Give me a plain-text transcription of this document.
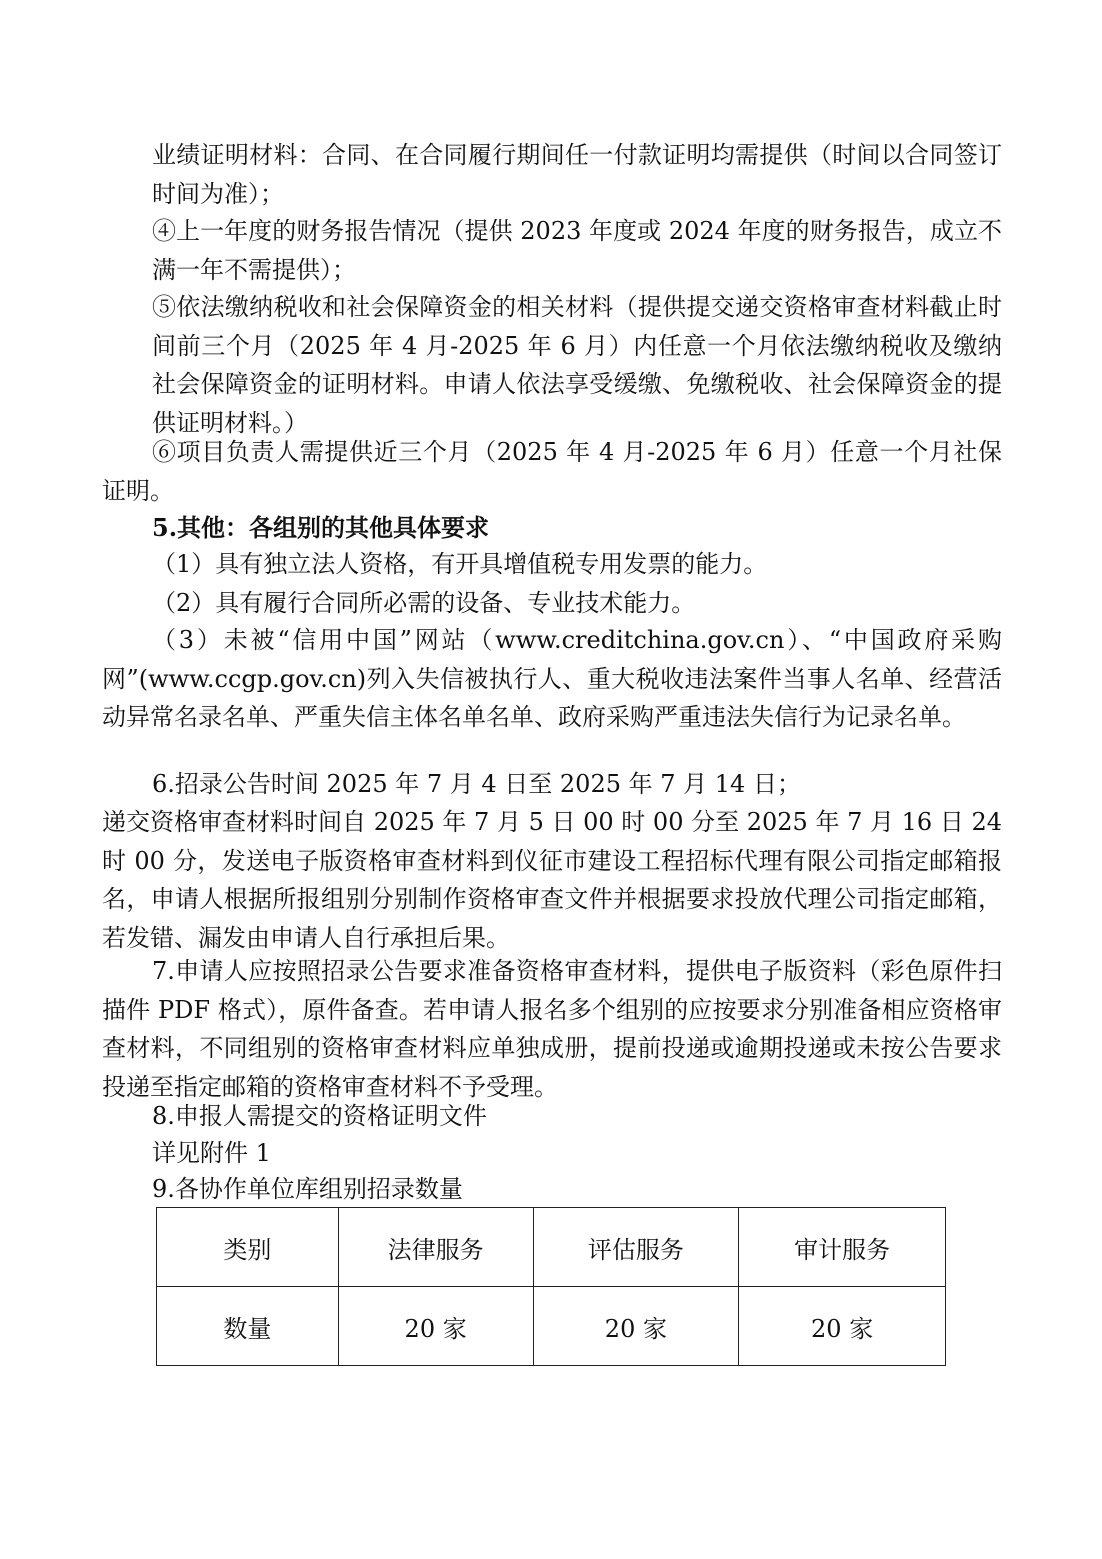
业绩证明材料：合同、在合同履行期间任一付款证明均需提供（时间以合同签订时间为准）；
④上一年度的财务报告情况（提供 2023 年度或 2024 年度的财务报告，成立不满一年不需提供）；
⑤依法缴纳税收和社会保障资金的相关材料（提供提交递交资格审查材料截止时间前三个月（2025 年 4 月-2025 年 6 月）内任意一个月依法缴纳税收及缴纳社会保障资金的证明材料。申请人依法享受缓缴、免缴税收、社会保障资金的提供证明材料。）
⑥项目负责人需提供近三个月（2025 年 4 月-2025 年 6 月）任意一个月社保证明。
5.其他：各组别的其他具体要求
（1）具有独立法人资格，有开具增值税专用发票的能力。
（2）具有履行合同所必需的设备、专业技术能力。
（3）未被“信用中国”网站（www.creditchina.gov.cn）、“中国政府采购网”(www.ccgp.gov.cn)列入失信被执行人、重大税收违法案件当事人名单、经营活动异常名录名单、严重失信主体名单名单、政府采购严重违法失信行为记录名单。
6.招录公告时间 2025 年 7 月 4 日至 2025 年 7 月 14 日；
递交资格审查材料时间自 2025 年 7 月 5 日 00 时 00 分至 2025 年 7 月 16 日 24 时 00 分，发送电子版资格审查材料到仪征市建设工程招标代理有限公司指定邮箱报名，申请人根据所报组别分别制作资格审查文件并根据要求投放代理公司指定邮箱，若发错、漏发由申请人自行承担后果。
7.申请人应按照招录公告要求准备资格审查材料，提供电子版资料（彩色原件扫描件 PDF 格式），原件备查。若申请人报名多个组别的应按要求分别准备相应资格审查材料，不同组别的资格审查材料应单独成册，提前投递或逾期投递或未按公告要求投递至指定邮箱的资格审查材料不予受理。
8.申报人需提交的资格证明文件
详见附件 1
9.各协作单位库组别招录数量
类别	法律服务	评估服务	审计服务
数量	20 家	20 家	20 家
